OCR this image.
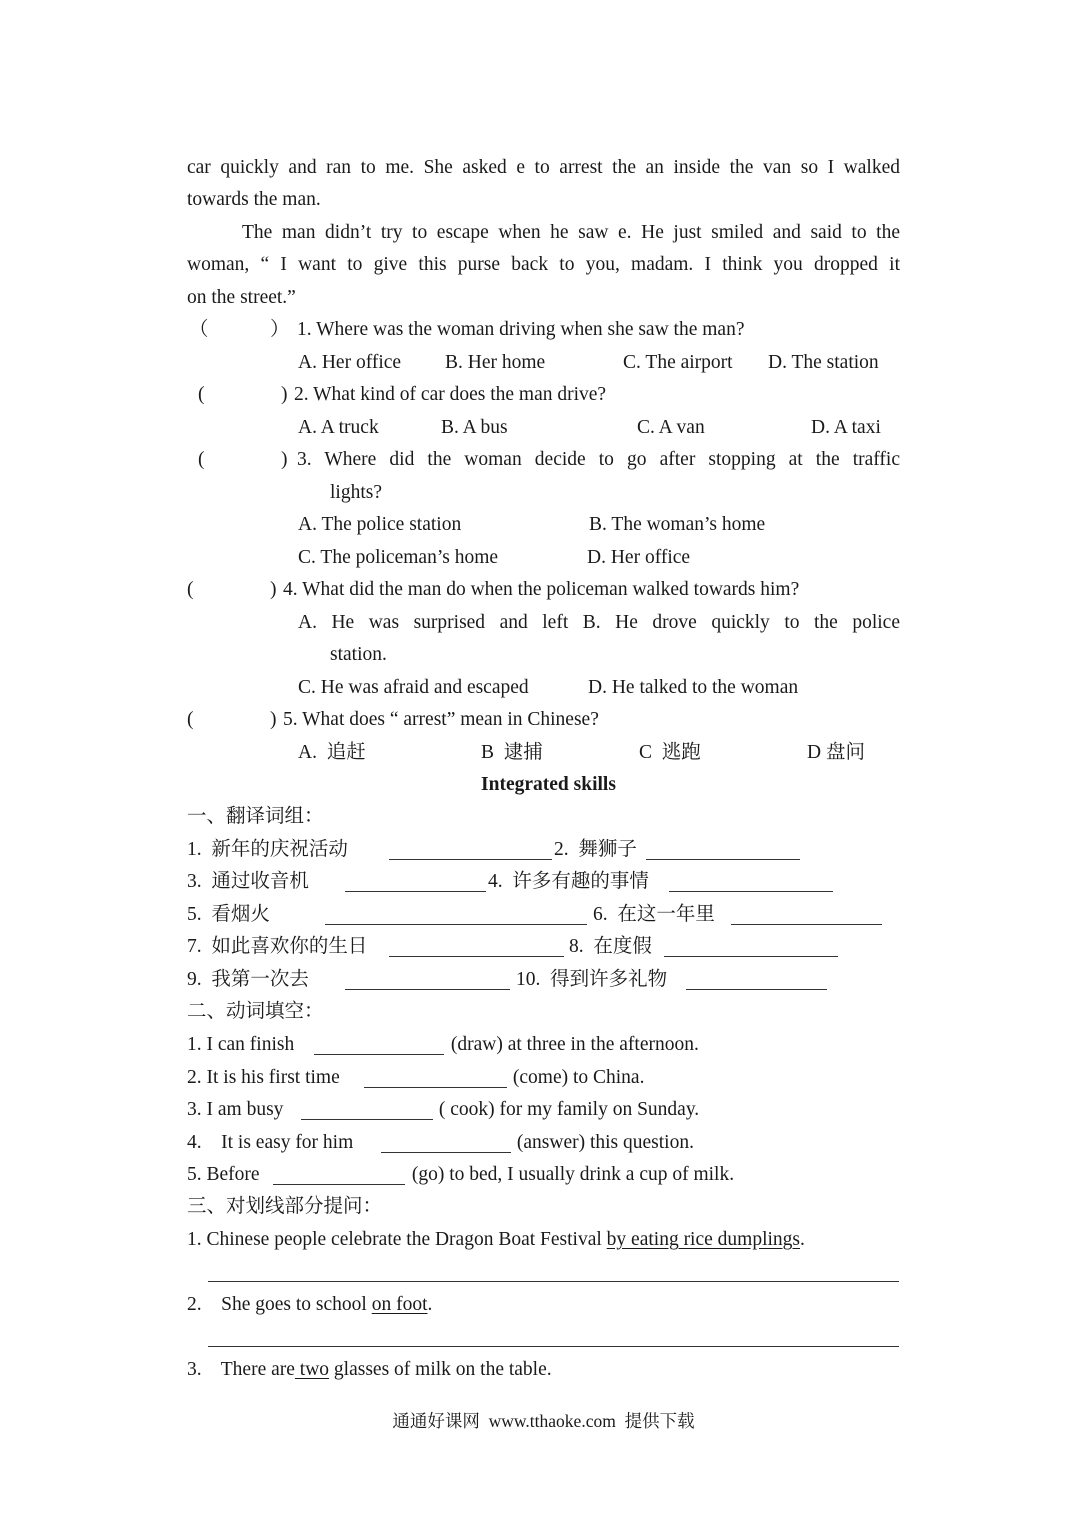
car quickly and ran to me. She asked e to arrest the an inside the van so I walked
towards the man.
The man didn’t try to escape when he saw e. He just smiled and said to the
woman, “ I want to give this purse back to you, madam. I think you dropped it
on the street.”
（	） 1. Where was the woman driving when she saw the man?
A. Her office B. Her home	C. The airport D. The station
(	) 2. What kind of car does the man drive?
A. A truck	B. A bus	C. A van	D. A taxi
(	) 3. Where did the woman decide to go after stopping at the traffic
lights?
A. The police station	B. The woman’s home
C. The policeman’s home	D. Her office
(	) 4. What did the man do when the policeman walked towards him?
A. He was surprised and left B. He drove quickly to the police
station.
C. He was afraid and escaped	D. He talked to the woman
(	) 5. What does “ arrest” mean in Chinese?
A.  追赶	B  逮捕	C  逃跑	D 盘问
Integrated skills
一、翻译词组：
1.  新年的庆祝活动	2.  舞狮子
3.  通过收音机	4.  许多有趣的事情
5.  看烟火	6.  在这一年里
7.  如此喜欢你的生日	8.  在度假
9.  我第一次去	10.  得到许多礼物
二、动词填空：
1. I can finish	(draw) at three in the afternoon.
2. It is his first time	(come) to China.
3. I am busy	( cook) for my family on Sunday.
4.    It is easy for him	(answer) this question.
5. Before	(go) to bed, I usually drink a cup of milk.
三、对划线部分提问：
1. Chinese people celebrate the Dragon Boat Festival by eating rice dumplings.
2.    She goes to school on foot.
3.    There are two glasses of milk on the table.
通通好课网  www.tthaoke.com  提供下载
